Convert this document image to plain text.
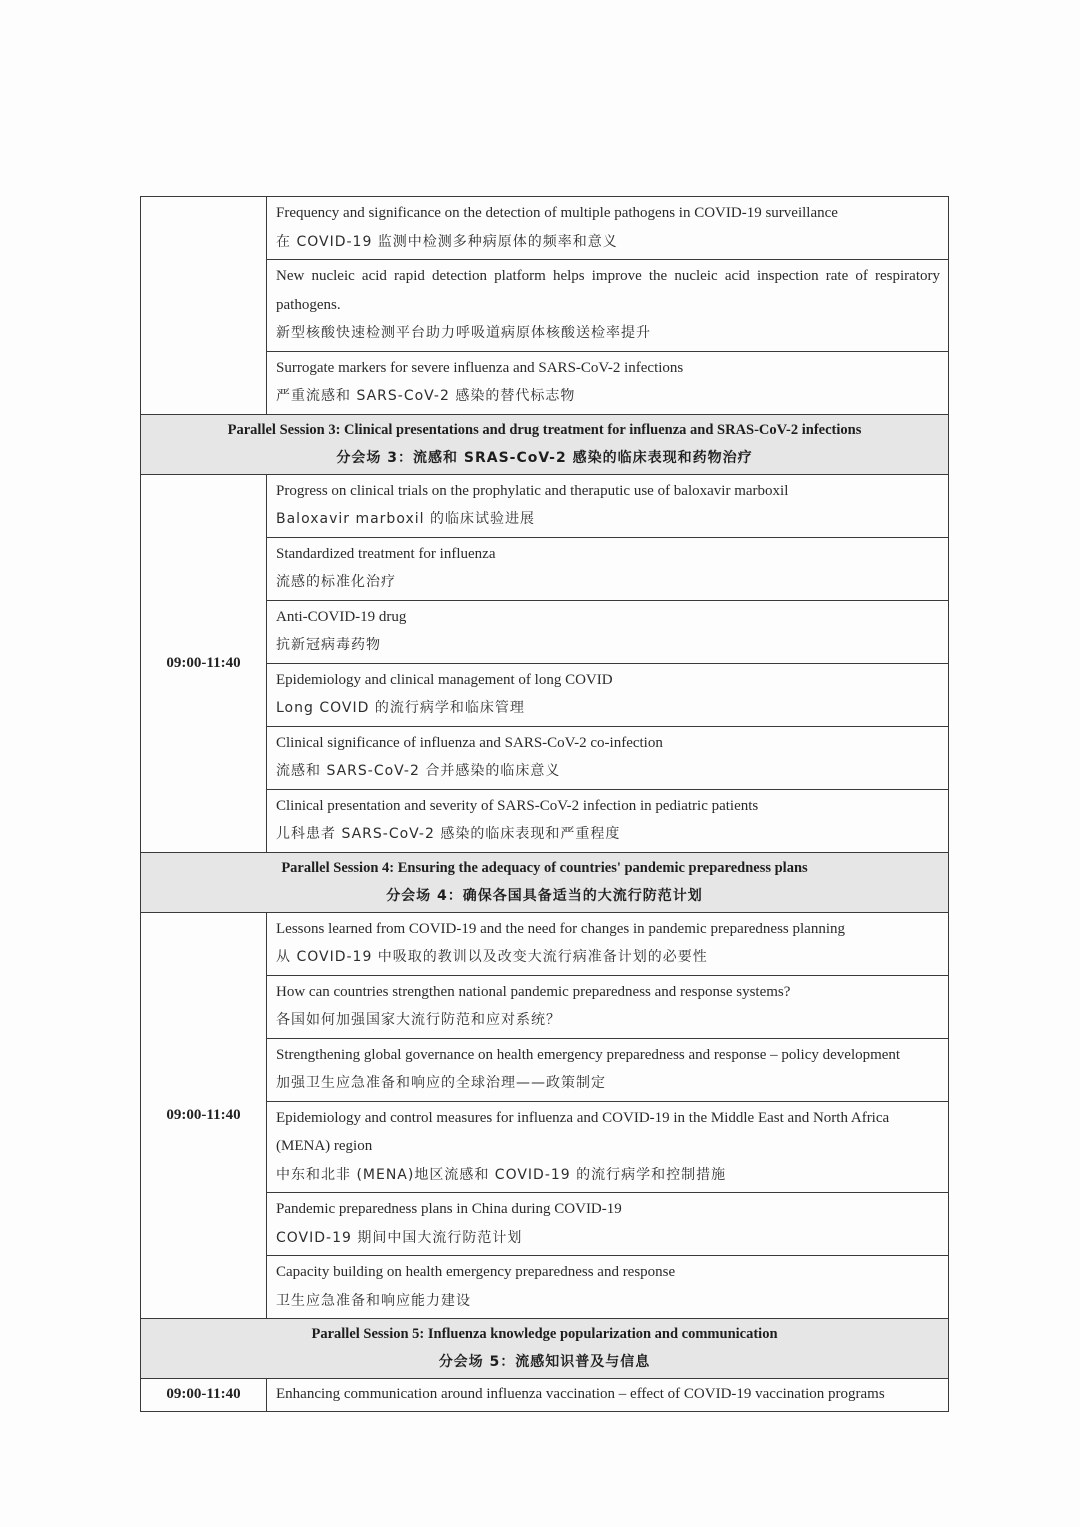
	Frequency and significance on the detection of multiple pathogens in COVID-19 surveillance
在 COVID-19 监测中检测多种病原体的频率和意义

	New nucleic acid rapid detection platform helps improve the nucleic acid inspection rate of respiratory pathogens.
新型核酸快速检测平台助力呼吸道病原体核酸送检率提升

	Surrogate markers for severe influenza and SARS-CoV-2 infections
严重流感和 SARS-CoV-2 感染的替代标志物

Parallel Session 3: Clinical presentations and drug treatment for influenza and SRAS-CoV-2 infections
分会场 3：流感和 SRAS-CoV-2 感染的临床表现和药物治疗	

09:00-11:40	Progress on clinical trials on the prophylatic and theraputic use of baloxavir marboxil
Baloxavir marboxil 的临床试验进展

	Standardized treatment for influenza
流感的标准化治疗

	Anti-COVID-19 drug
抗新冠病毒药物

	Epidemiology and clinical management of long COVID
Long COVID 的流行病学和临床管理

	Clinical significance of influenza and SARS-CoV-2 co-infection
流感和 SARS-CoV-2 合并感染的临床意义

	Clinical presentation and severity of SARS-CoV-2 infection in pediatric patients
儿科患者 SARS-CoV-2 感染的临床表现和严重程度

Parallel Session 4: Ensuring the adequacy of countries' pandemic preparedness plans
分会场 4：确保各国具备适当的大流行防范计划	

09:00-11:40	Lessons learned from COVID-19 and the need for changes in pandemic preparedness planning
从 COVID-19 中吸取的教训以及改变大流行病准备计划的必要性

	How can countries strengthen national pandemic preparedness and response systems?
各国如何加强国家大流行防范和应对系统？

	Strengthening global governance on health emergency preparedness and response – policy development
加强卫生应急准备和响应的全球治理——政策制定

	Epidemiology and control measures for influenza and COVID-19 in the Middle East and North Africa (MENA) region
中东和北非 (MENA)地区流感和 COVID-19 的流行病学和控制措施

	Pandemic preparedness plans in China during COVID-19
COVID-19 期间中国大流行防范计划

	Capacity building on health emergency preparedness and response
卫生应急准备和响应能力建设

Parallel Session 5: Influenza knowledge popularization and communication
分会场 5：流感知识普及与信息	

09:00-11:40	Enhancing communication around influenza vaccination – effect of COVID-19 vaccination programs
